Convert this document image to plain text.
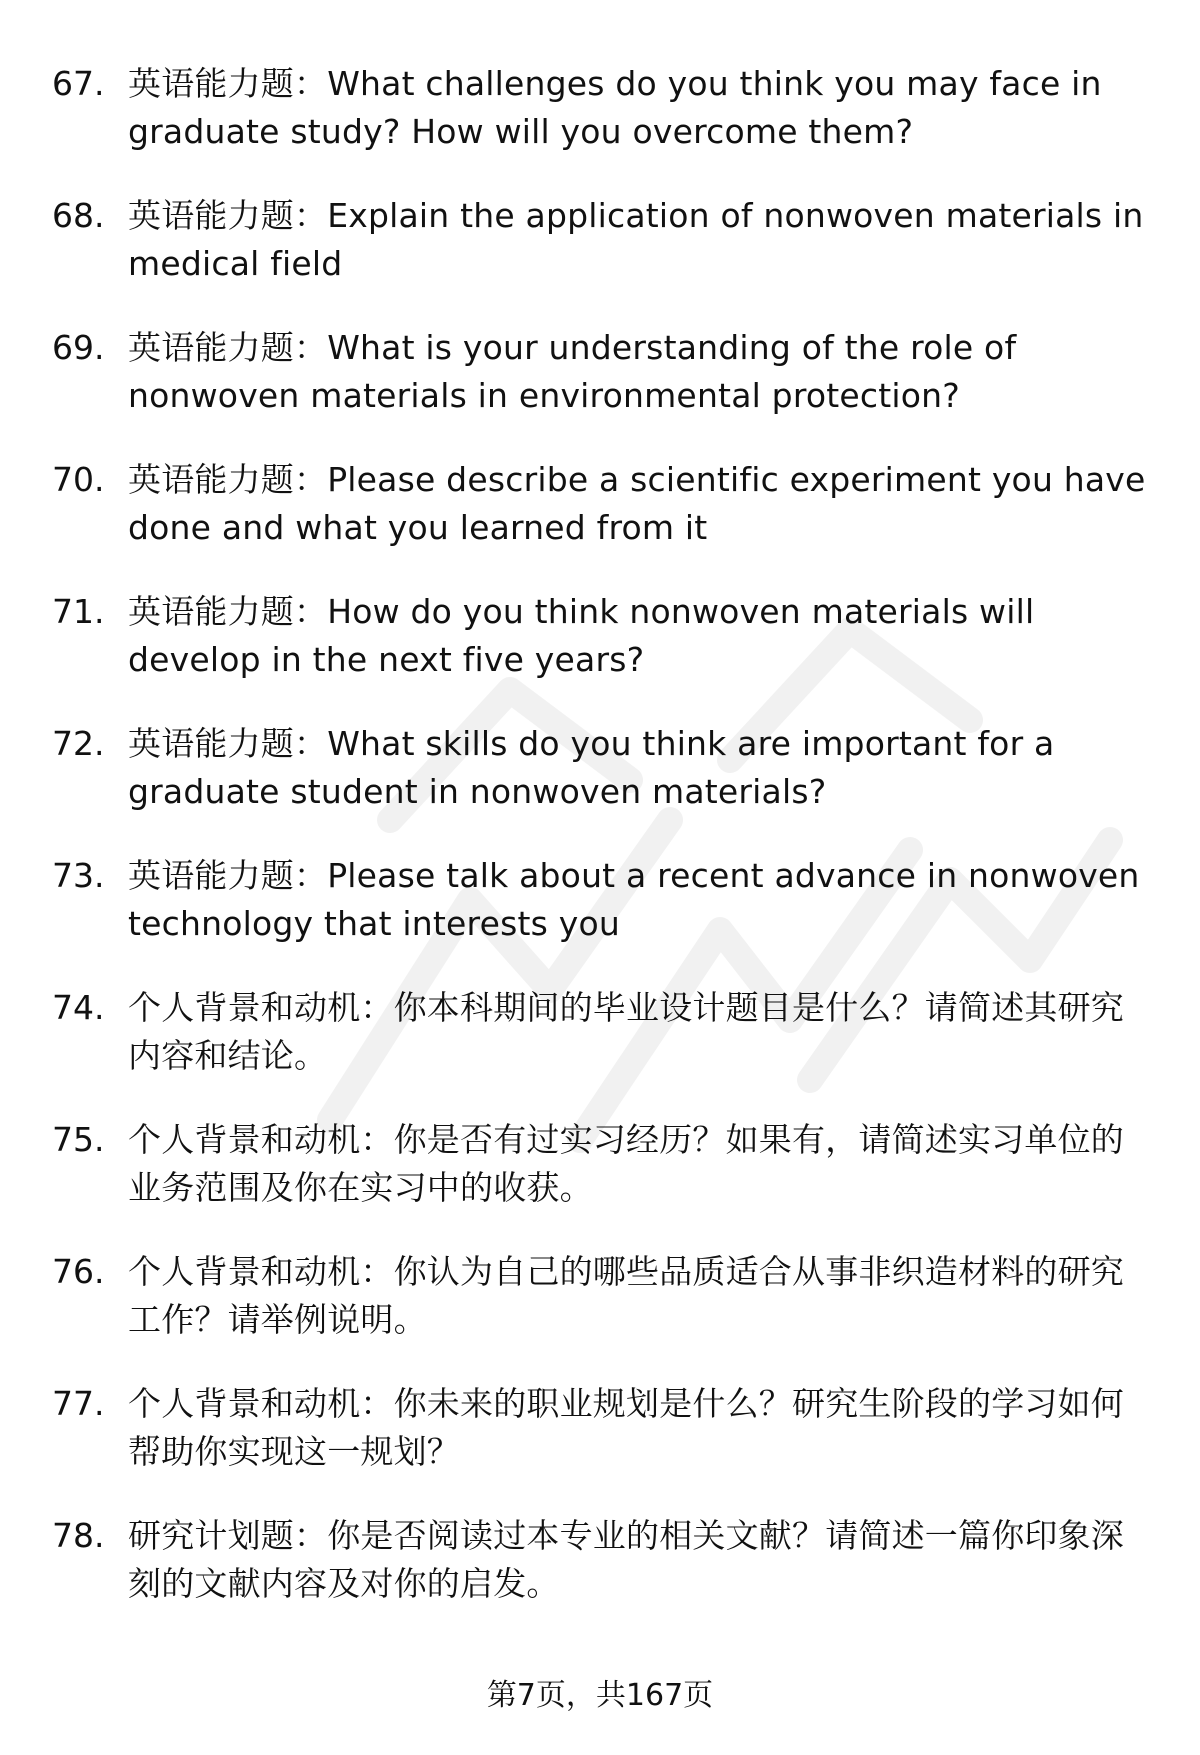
67. 英语能力题：What challenges do you think you may face in graduate study? How will you overcome them?
68. 英语能力题：Explain the application of nonwoven materials in medical field
69. 英语能力题：What is your understanding of the role of nonwoven materials in environmental protection?
70. 英语能力题：Please describe a scientific experiment you have done and what you learned from it
71. 英语能力题：How do you think nonwoven materials will develop in the next five years?
72. 英语能力题：What skills do you think are important for a graduate student in nonwoven materials?
73. 英语能力题：Please talk about a recent advance in nonwoven technology that interests you
74. 个人背景和动机：你本科期间的毕业设计题目是什么？请简述其研究内容和结论。
75. 个人背景和动机：你是否有过实习经历？如果有，请简述实习单位的业务范围及你在实习中的收获。
76. 个人背景和动机：你认为自己的哪些品质适合从事非织造材料的研究工作？请举例说明。
77. 个人背景和动机：你未来的职业规划是什么？研究生阶段的学习如何帮助你实现这一规划？
78. 研究计划题：你是否阅读过本专业的相关文献？请简述一篇你印象深刻的文献内容及对你的启发。
第7页，共167页
